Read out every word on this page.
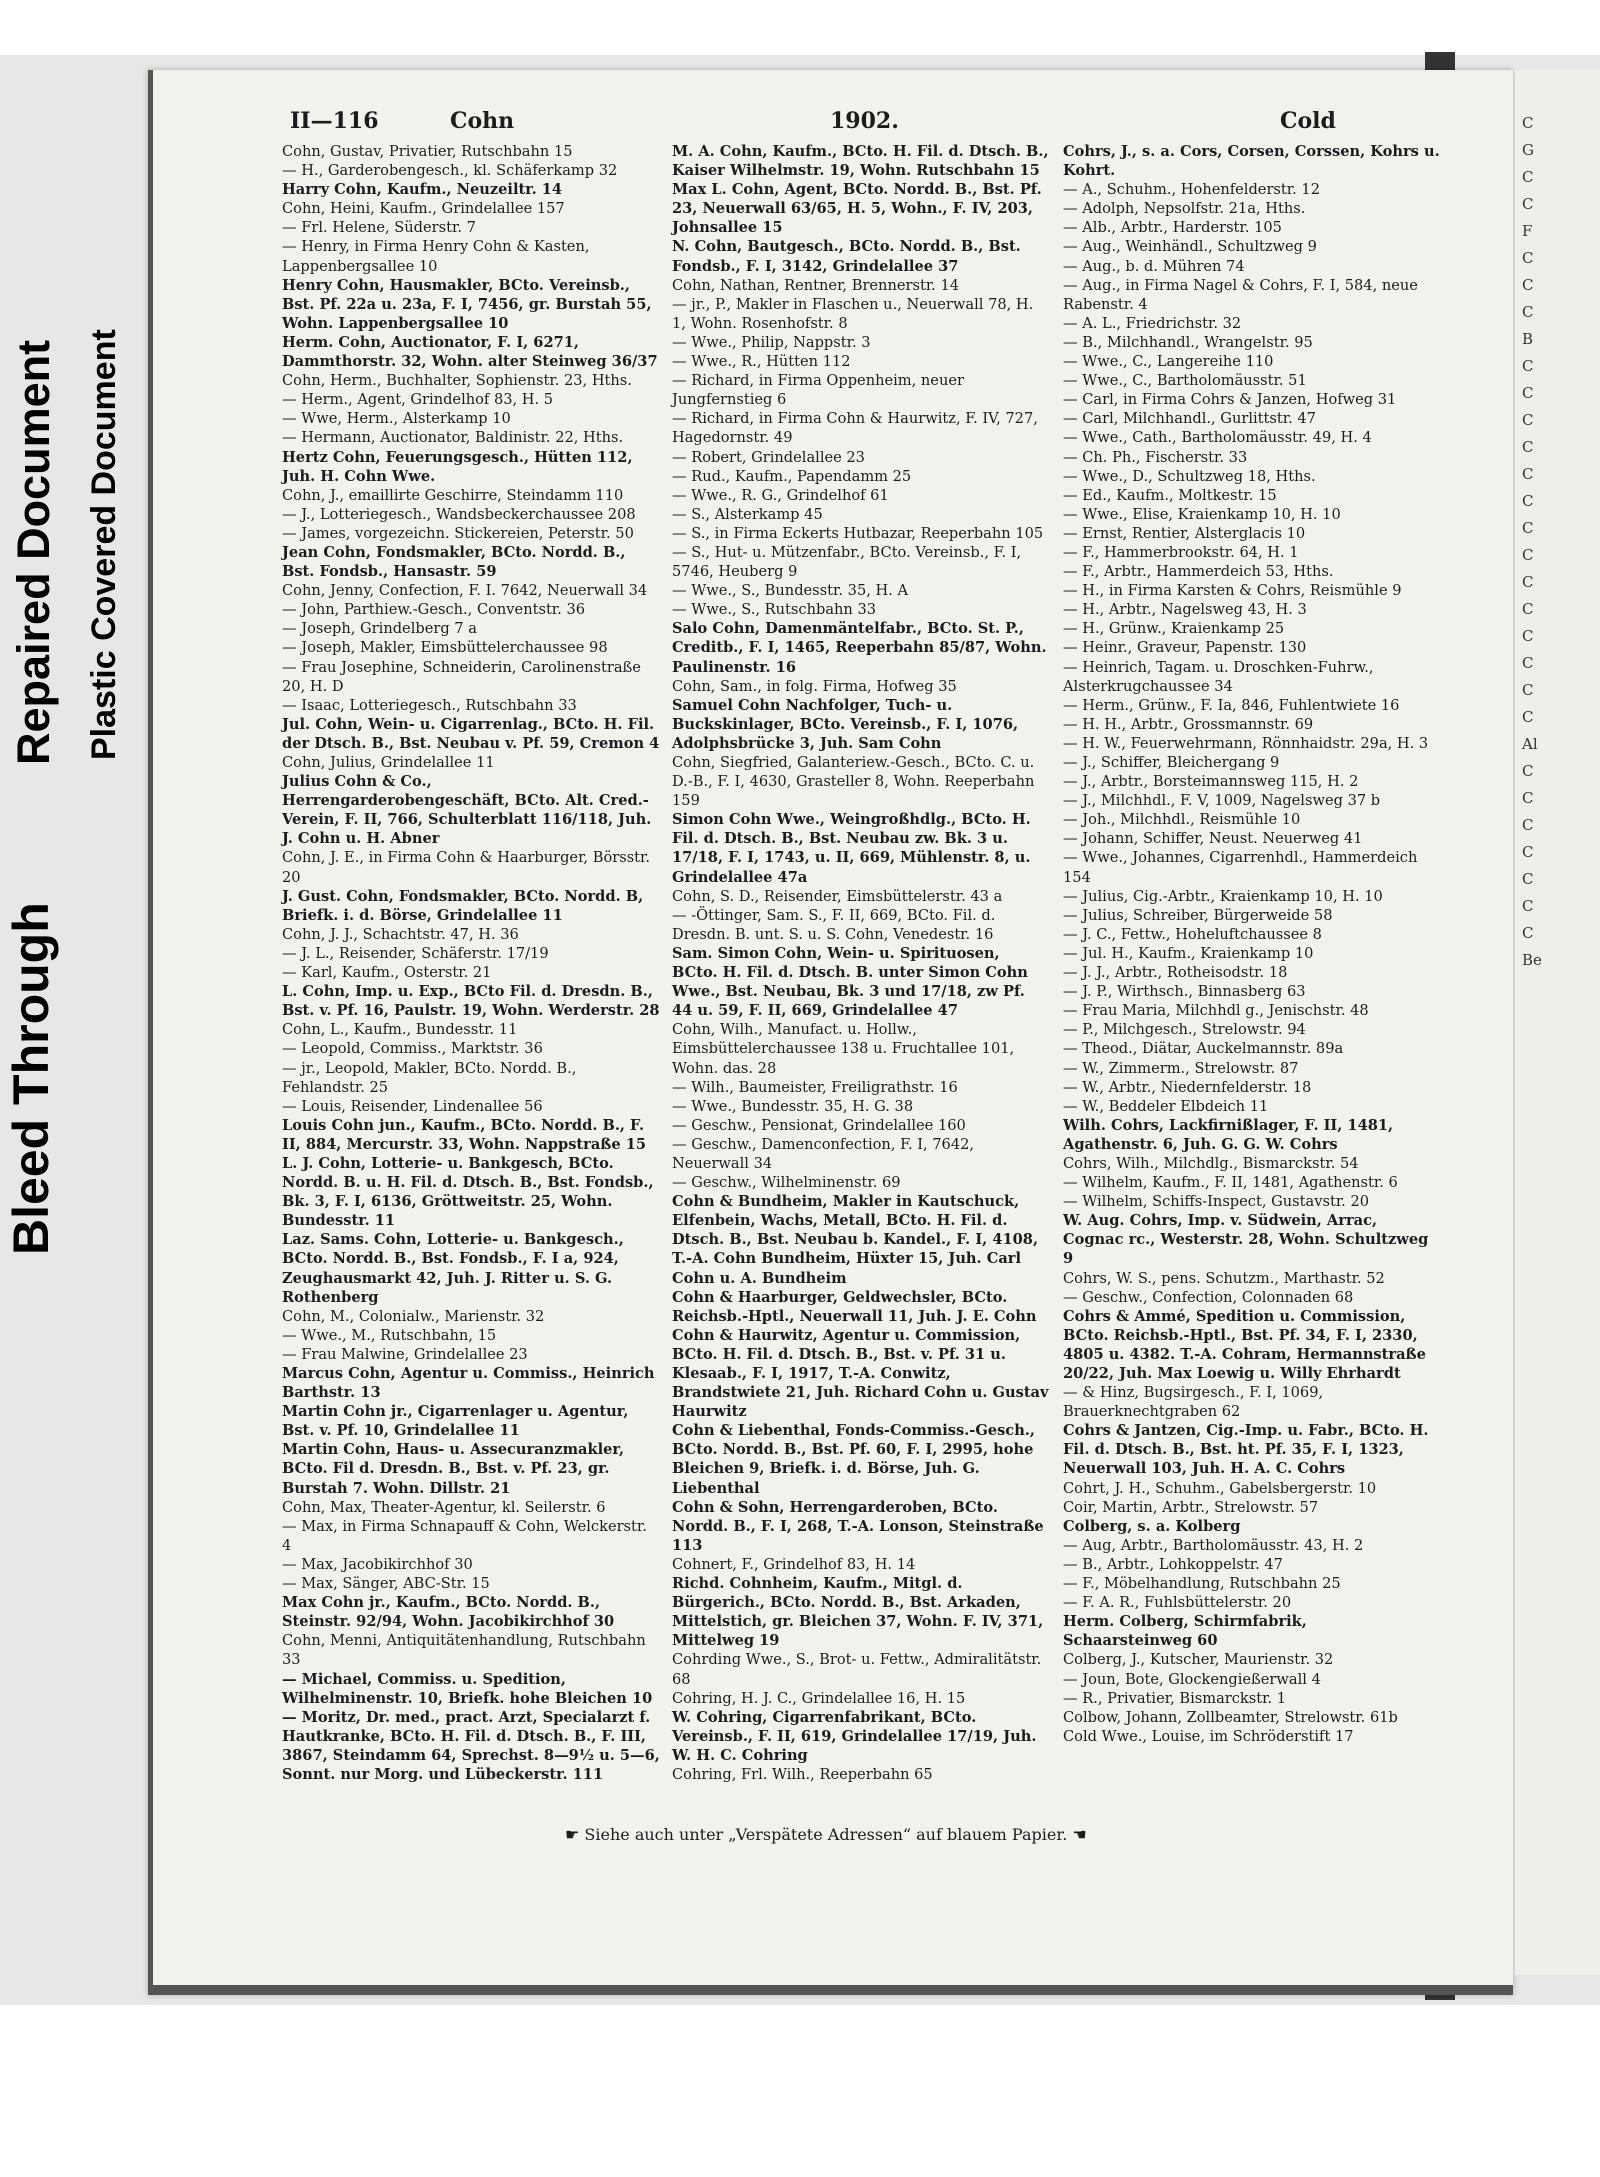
C
G
C
C
F
C
C
C
B
C
C
C
C
C
C
C
C
C
C
C
C
C
C
Al
C
C
C
C
C
C
C
Be
Bleed Through
Repaired Document Plastic Covered Document
II—116	Cohn	1902.	Cold
Cohn, Gustav, Privatier, Rutschbahn 15
— H., Garderobengesch., kl. Schäferkamp 32
Harry Cohn, Kaufm., Neuzeiltr. 14
Cohn, Heini, Kaufm., Grindelallee 157
— Frl. Helene, Süderstr. 7
— Henry, in Firma Henry Cohn & Kasten, Lappenbergsallee 10
Henry Cohn, Hausmakler, BCto. Vereinsb., Bst. Pf. 22a u. 23a, F. I, 7456, gr. Burstah 55, Wohn. Lappenbergsallee 10
Herm. Cohn, Auctionator, F. I, 6271, Dammthorstr. 32, Wohn. alter Steinweg 36/37
Cohn, Herm., Buchhalter, Sophienstr. 23, Hths.
— Herm., Agent, Grindelhof 83, H. 5
— Wwe, Herm., Alsterkamp 10
— Hermann, Auctionator, Baldinistr. 22, Hths.
Hertz Cohn, Feuerungsgesch., Hütten 112, Juh. H. Cohn Wwe.
Cohn, J., emaillirte Geschirre, Steindamm 110
— J., Lotteriegesch., Wandsbeckerchaussee 208
— James, vorgezeichn. Stickereien, Peterstr. 50
Jean Cohn, Fondsmakler, BCto. Nordd. B., Bst. Fondsb., Hansastr. 59
Cohn, Jenny, Confection, F. I. 7642, Neuerwall 34
— John, Parthiew.-Gesch., Conventstr. 36
— Joseph, Grindelberg 7 a
— Joseph, Makler, Eimsbüttelerchaussee 98
— Frau Josephine, Schneiderin, Carolinenstraße 20, H. D
— Isaac, Lotteriegesch., Rutschbahn 33
Jul. Cohn, Wein- u. Cigarrenlag., BCto. H. Fil. der Dtsch. B., Bst. Neubau v. Pf. 59, Cremon 4
Cohn, Julius, Grindelallee 11
Julius Cohn & Co., Herrengarderobengeschäft, BCto. Alt. Cred.-Verein, F. II, 766, Schulterblatt 116/118, Juh. J. Cohn u. H. Abner
Cohn, J. E., in Firma Cohn & Haarburger, Börsstr. 20
J. Gust. Cohn, Fondsmakler, BCto. Nordd. B, Briefk. i. d. Börse, Grindelallee 11
Cohn, J. J., Schachtstr. 47, H. 36
— J. L., Reisender, Schäferstr. 17/19
— Karl, Kaufm., Osterstr. 21
L. Cohn, Imp. u. Exp., BCto Fil. d. Dresdn. B., Bst. v. Pf. 16, Paulstr. 19, Wohn. Werderstr. 28
Cohn, L., Kaufm., Bundesstr. 11
— Leopold, Commiss., Marktstr. 36
— jr., Leopold, Makler, BCto. Nordd. B., Fehlandstr. 25
— Louis, Reisender, Lindenallee 56
Louis Cohn jun., Kaufm., BCto. Nordd. B., F. II, 884, Mercurstr. 33, Wohn. Nappstraße 15
L. J. Cohn, Lotterie- u. Bankgesch, BCto. Nordd. B. u. H. Fil. d. Dtsch. B., Bst. Fondsb., Bk. 3, F. I, 6136, Gröttweitstr. 25, Wohn. Bundesstr. 11
Laz. Sams. Cohn, Lotterie- u. Bankgesch., BCto. Nordd. B., Bst. Fondsb., F. I a, 924, Zeughausmarkt 42, Juh. J. Ritter u. S. G. Rothenberg
Cohn, M., Colonialw., Marienstr. 32
— Wwe., M., Rutschbahn, 15
— Frau Malwine, Grindelallee 23
Marcus Cohn, Agentur u. Commiss., Heinrich Barthstr. 13
Martin Cohn jr., Cigarrenlager u. Agentur, Bst. v. Pf. 10, Grindelallee 11
Martin Cohn, Haus- u. Assecuranzmakler, BCto. Fil d. Dresdn. B., Bst. v. Pf. 23, gr. Burstah 7. Wohn. Dillstr. 21
Cohn, Max, Theater-Agentur, kl. Seilerstr. 6
— Max, in Firma Schnapauff & Cohn, Welckerstr. 4
— Max, Jacobikirchhof 30
— Max, Sänger, ABC-Str. 15
Max Cohn jr., Kaufm., BCto. Nordd. B., Steinstr. 92/94, Wohn. Jacobikirchhof 30
Cohn, Menni, Antiquitätenhandlung, Rutschbahn 33
— Michael, Commiss. u. Spedition, Wilhelminenstr. 10, Briefk. hohe Bleichen 10
— Moritz, Dr. med., pract. Arzt, Specialarzt f. Hautkranke, BCto. H. Fil. d. Dtsch. B., F. III, 3867, Steindamm 64, Sprechst. 8—9½ u. 5—6, Sonnt. nur Morg. und Lübeckerstr. 111
M. A. Cohn, Kaufm., BCto. H. Fil. d. Dtsch. B., Kaiser Wilhelmstr. 19, Wohn. Rutschbahn 15
Max L. Cohn, Agent, BCto. Nordd. B., Bst. Pf. 23, Neuerwall 63/65, H. 5, Wohn., F. IV, 203, Johnsallee 15
N. Cohn, Bautgesch., BCto. Nordd. B., Bst. Fondsb., F. I, 3142, Grindelallee 37
Cohn, Nathan, Rentner, Brennerstr. 14
— jr., P., Makler in Flaschen u., Neuerwall 78, H. 1, Wohn. Rosenhofstr. 8
— Wwe., Philip, Nappstr. 3
— Wwe., R., Hütten 112
— Richard, in Firma Oppenheim, neuer Jungfernstieg 6
— Richard, in Firma Cohn & Haurwitz, F. IV, 727, Hagedornstr. 49
— Robert, Grindelallee 23
— Rud., Kaufm., Papendamm 25
— Wwe., R. G., Grindelhof 61
— S., Alsterkamp 45
— S., in Firma Eckerts Hutbazar, Reeperbahn 105
— S., Hut- u. Mützenfabr., BCto. Vereinsb., F. I, 5746, Heuberg 9
— Wwe., S., Bundesstr. 35, H. A
— Wwe., S., Rutschbahn 33
Salo Cohn, Damenmäntelfabr., BCto. St. P., Creditb., F. I, 1465, Reeperbahn 85/87, Wohn. Paulinenstr. 16
Cohn, Sam., in folg. Firma, Hofweg 35
Samuel Cohn Nachfolger, Tuch- u. Buckskinlager, BCto. Vereinsb., F. I, 1076, Adolphsbrücke 3, Juh. Sam Cohn
Cohn, Siegfried, Galanteriew.-Gesch., BCto. C. u. D.-B., F. I, 4630, Grasteller 8, Wohn. Reeperbahn 159
Simon Cohn Wwe., Weingroßhdlg., BCto. H. Fil. d. Dtsch. B., Bst. Neubau zw. Bk. 3 u. 17/18, F. I, 1743, u. II, 669, Mühlenstr. 8, u. Grindelallee 47a
Cohn, S. D., Reisender, Eimsbüttelerstr. 43 a
— -Öttinger, Sam. S., F. II, 669, BCto. Fil. d. Dresdn. B. unt. S. u. S. Cohn, Venedestr. 16
Sam. Simon Cohn, Wein- u. Spirituosen, BCto. H. Fil. d. Dtsch. B. unter Simon Cohn Wwe., Bst. Neubau, Bk. 3 und 17/18, zw Pf. 44 u. 59, F. II, 669, Grindelallee 47
Cohn, Wilh., Manufact. u. Hollw., Eimsbüttelerchaussee 138 u. Fruchtallee 101, Wohn. das. 28
— Wilh., Baumeister, Freiligrathstr. 16
— Wwe., Bundesstr. 35, H. G. 38
— Geschw., Pensionat, Grindelallee 160
— Geschw., Damenconfection, F. I, 7642, Neuerwall 34
— Geschw., Wilhelminenstr. 69
Cohn & Bundheim, Makler in Kautschuck, Elfenbein, Wachs, Metall, BCto. H. Fil. d. Dtsch. B., Bst. Neubau b. Kandel., F. I, 4108, T.-A. Cohn Bundheim, Hüxter 15, Juh. Carl Cohn u. A. Bundheim
Cohn & Haarburger, Geldwechsler, BCto. Reichsb.-Hptl., Neuerwall 11, Juh. J. E. Cohn
Cohn & Haurwitz, Agentur u. Commission, BCto. H. Fil. d. Dtsch. B., Bst. v. Pf. 31 u. Klesaab., F. I, 1917, T.-A. Conwitz, Brandstwiete 21, Juh. Richard Cohn u. Gustav Haurwitz
Cohn & Liebenthal, Fonds-Commiss.-Gesch., BCto. Nordd. B., Bst. Pf. 60, F. I, 2995, hohe Bleichen 9, Briefk. i. d. Börse, Juh. G. Liebenthal
Cohn & Sohn, Herrengarderoben, BCto. Nordd. B., F. I, 268, T.-A. Lonson, Steinstraße 113
Cohnert, F., Grindelhof 83, H. 14
Richd. Cohnheim, Kaufm., Mitgl. d. Bürgerich., BCto. Nordd. B., Bst. Arkaden, Mittelstich, gr. Bleichen 37, Wohn. F. IV, 371, Mittelweg 19
Cohrding Wwe., S., Brot- u. Fettw., Admiralitätstr. 68
Cohring, H. J. C., Grindelallee 16, H. 15
W. Cohring, Cigarrenfabrikant, BCto. Vereinsb., F. II, 619, Grindelallee 17/19, Juh. W. H. C. Cohring
Cohring, Frl. Wilh., Reeperbahn 65
Cohrs, J., s. a. Cors, Corsen, Corssen, Kohrs u. Kohrt.
— A., Schuhm., Hohenfelderstr. 12
— Adolph, Nepsolfstr. 21a, Hths.
— Alb., Arbtr., Harderstr. 105
— Aug., Weinhändl., Schultzweg 9
— Aug., b. d. Mühren 74
— Aug., in Firma Nagel & Cohrs, F. I, 584, neue Rabenstr. 4
— A. L., Friedrichstr. 32
— B., Milchhandl., Wrangelstr. 95
— Wwe., C., Langereihe 110
— Wwe., C., Bartholomäusstr. 51
— Carl, in Firma Cohrs & Janzen, Hofweg 31
— Carl, Milchhandl., Gurlittstr. 47
— Wwe., Cath., Bartholomäusstr. 49, H. 4
— Ch. Ph., Fischerstr. 33
— Wwe., D., Schultzweg 18, Hths.
— Ed., Kaufm., Moltkestr. 15
— Wwe., Elise, Kraienkamp 10, H. 10
— Ernst, Rentier, Alsterglacis 10
— F., Hammerbrookstr. 64, H. 1
— F., Arbtr., Hammerdeich 53, Hths.
— H., in Firma Karsten & Cohrs, Reismühle 9
— H., Arbtr., Nagelsweg 43, H. 3
— H., Grünw., Kraienkamp 25
— Heinr., Graveur, Papenstr. 130
— Heinrich, Tagam. u. Droschken-Fuhrw., Alsterkrugchaussee 34
— Herm., Grünw., F. Ia, 846, Fuhlentwiete 16
— H. H., Arbtr., Grossmannstr. 69
— H. W., Feuerwehrmann, Rönnhaidstr. 29a, H. 3
— J., Schiffer, Bleichergang 9
— J., Arbtr., Borsteimannsweg 115, H. 2
— J., Milchhdl., F. V, 1009, Nagelsweg 37 b
— Joh., Milchhdl., Reismühle 10
— Johann, Schiffer, Neust. Neuerweg 41
— Wwe., Johannes, Cigarrenhdl., Hammerdeich 154
— Julius, Cig.-Arbtr., Kraienkamp 10, H. 10
— Julius, Schreiber, Bürgerweide 58
— J. C., Fettw., Hoheluftchaussee 8
— Jul. H., Kaufm., Kraienkamp 10
— J. J., Arbtr., Rotheisodstr. 18
— J. P., Wirthsch., Binnasberg 63
— Frau Maria, Milchhdl g., Jenischstr. 48
— P., Milchgesch., Strelowstr. 94
— Theod., Diätar, Auckelmannstr. 89a
— W., Zimmerm., Strelowstr. 87
— W., Arbtr., Niedernfelderstr. 18
— W., Beddeler Elbdeich 11
Wilh. Cohrs, Lackfirnißlager, F. II, 1481, Agathenstr. 6, Juh. G. G. W. Cohrs
Cohrs, Wilh., Milchdlg., Bismarckstr. 54
— Wilhelm, Kaufm., F. II, 1481, Agathenstr. 6
— Wilhelm, Schiffs-Inspect, Gustavstr. 20
W. Aug. Cohrs, Imp. v. Südwein, Arrac, Cognac rc., Westerstr. 28, Wohn. Schultzweg 9
Cohrs, W. S., pens. Schutzm., Marthastr. 52
— Geschw., Confection, Colonnaden 68
Cohrs & Ammé, Spedition u. Commission, BCto. Reichsb.-Hptl., Bst. Pf. 34, F. I, 2330, 4805 u. 4382. T.-A. Cohram, Hermannstraße 20/22, Juh. Max Loewig u. Willy Ehrhardt
— & Hinz, Bugsirgesch., F. I, 1069, Brauerknechtgraben 62
Cohrs & Jantzen, Cig.-Imp. u. Fabr., BCto. H. Fil. d. Dtsch. B., Bst. ht. Pf. 35, F. I, 1323, Neuerwall 103, Juh. H. A. C. Cohrs
Cohrt, J. H., Schuhm., Gabelsbergerstr. 10
Coir, Martin, Arbtr., Strelowstr. 57
Colberg, s. a. Kolberg
— Aug, Arbtr., Bartholomäusstr. 43, H. 2
— B., Arbtr., Lohkoppelstr. 47
— F., Möbelhandlung, Rutschbahn 25
— F. A. R., Fuhlsbüttelerstr. 20
Herm. Colberg, Schirmfabrik, Schaarsteinweg 60
Colberg, J., Kutscher, Maurienstr. 32
— Joun, Bote, Glockengießerwall 4
— R., Privatier, Bismarckstr. 1
Colbow, Johann, Zollbeamter, Strelowstr. 61b
Cold Wwe., Louise, im Schröderstift 17
☛ Siehe auch unter „Verspätete Adressen“ auf blauem Papier. ☚
